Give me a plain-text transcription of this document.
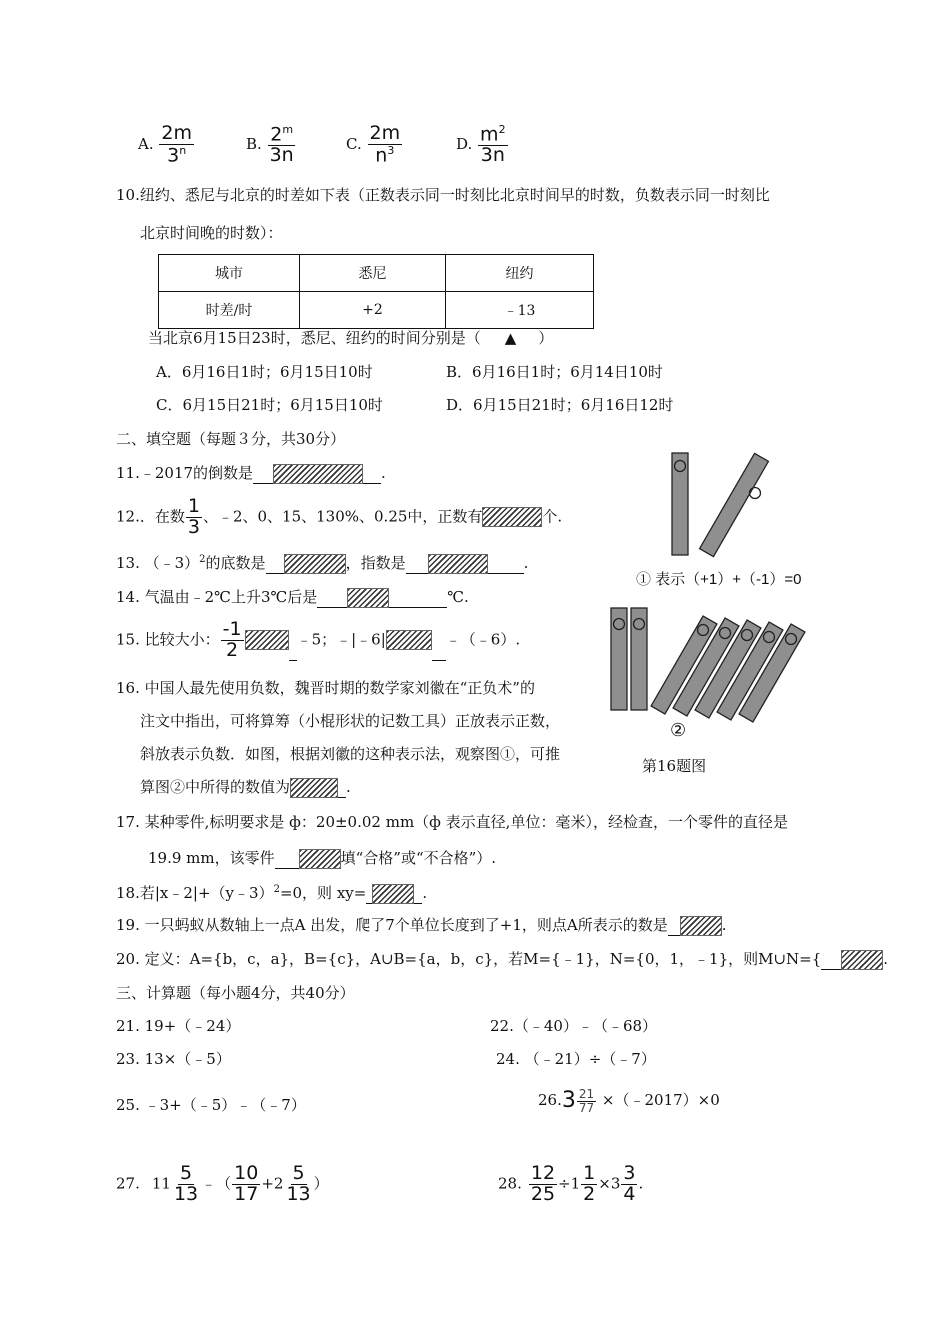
A. $\frac{2m}{3^n}$	B. $\frac{2^m}{3n}$	C. $\frac{2m}{n^3}$	D. $\frac{m^2}{3n}$
10.纽约、悉尼与北京的时差如下表（正数表示同一时刻比北京时间早的时数，负数表示同一时刻比
北京时间晚的时数）：
城市	悉尼	纽约
时差/时	+2	﹣13
当北京6月15日23时，悉尼、纽约的时间分别是（ ▲ ）
A．6月16日1时；6月15日10时	B．6月16日1时；6月14日10时
C．6月15日21时；6月15日10时	D．6月15日21时；6月16日12时
二、填空题（每题３分，共30分）
11.﹣2017的倒数是	.
12.．在数 $\frac{1}{3}$ 、﹣2、0、15、130%、0.25中，正数有	个.
13. （﹣3）$^2$的底数是	，指数是	.
14. 气温由﹣2℃上升3℃后是	℃.
15. 比较大小： $\frac{-1}{2}$	﹣5；﹣|﹣6|	﹣（﹣6）.
16. 中国人最先使用负数，魏晋时期的数学家刘徽在“正负术”的
注文中指出，可将算筹（小棍形状的记数工具）正放表示正数，
斜放表示负数．如图，根据刘徽的这种表示法，观察图①，可推
算图②中所得的数值为	.
① 表示（+1）+（-1）=0
②
第16题图
17. 某种零件,标明要求是 ф：20±0.02 mm（ф 表示直径,单位：毫米），经检查，一个零件的直径是
19.9 mm，该零件	填“合格”或“不合格”）.
18.若|x﹣2|+（y﹣3）$^2$=0，则 xy=	.
19. 一只蚂蚁从数轴上一点A 出发，爬了7个单位长度到了+1，则点A所表示的数是	.
20. 定义：A={b，c，a}，B={c}，A∪B={a，b，c}，若M={﹣1}，N={0，1，﹣1}，则M∪N={	.
三、计算题（每小题4分，共40分）
21. 19+（﹣24）	22.（﹣40）﹣（﹣68）
23. 13×（﹣5）	24. （﹣21）÷（﹣7）
25. ﹣3+（﹣5）﹣（﹣7）	$26.3 \frac{21}{77}$ ×（﹣2017）×0
27. $11 \frac{5}{13}$ ﹣（ $\frac{10}{17} +2 \frac{5}{13}$ ）	28. $\frac{12}{25} \div 1 \frac{1}{2} \times 3 \frac{3}{4}$ .
